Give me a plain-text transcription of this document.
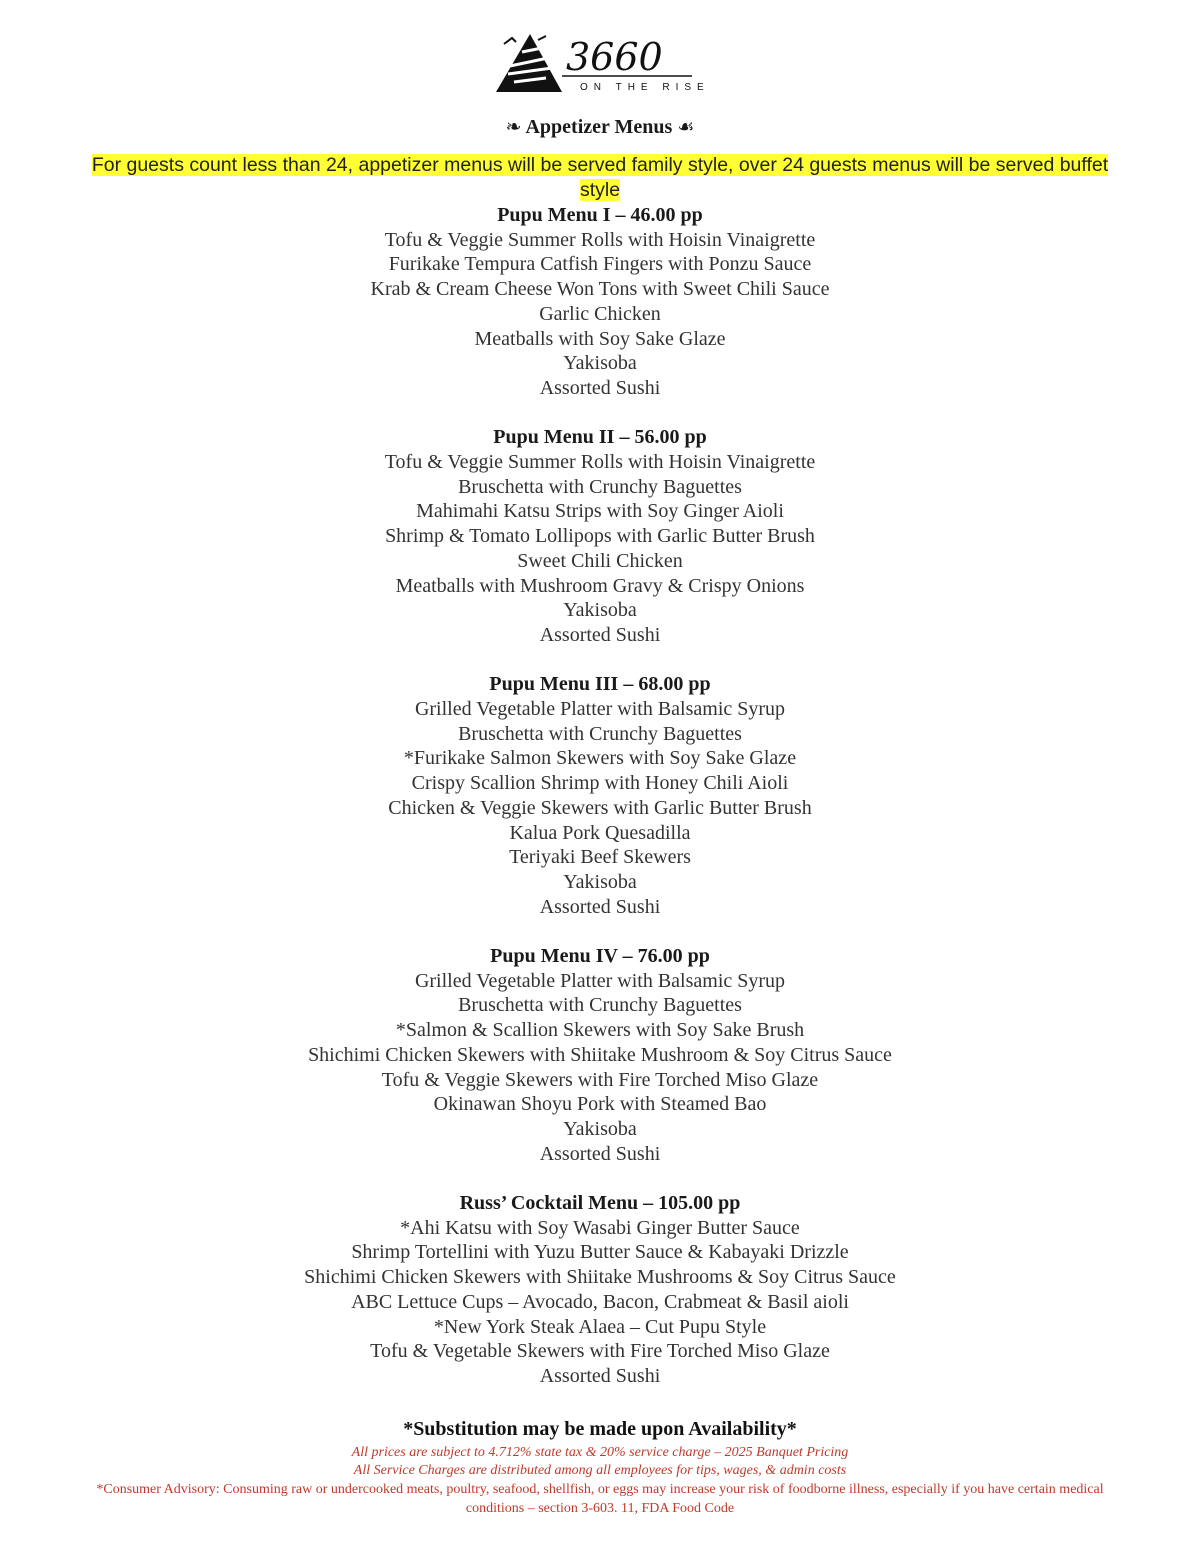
3660
ON THE RISE
❧ Appetizer Menus ☙
For guests count less than 24, appetizer menus will be served family style, over 24 guests menus will be served buffet style
Pupu Menu I – 46.00 pp
Tofu & Veggie Summer Rolls with Hoisin Vinaigrette
Furikake Tempura Catfish Fingers with Ponzu Sauce
Krab & Cream Cheese Won Tons with Sweet Chili Sauce
Garlic Chicken
Meatballs with Soy Sake Glaze
Yakisoba
Assorted Sushi
Pupu Menu II – 56.00 pp
Tofu & Veggie Summer Rolls with Hoisin Vinaigrette
Bruschetta with Crunchy Baguettes
Mahimahi Katsu Strips with Soy Ginger Aioli
Shrimp & Tomato Lollipops with Garlic Butter Brush
Sweet Chili Chicken
Meatballs with Mushroom Gravy & Crispy Onions
Yakisoba
Assorted Sushi
Pupu Menu III – 68.00 pp
Grilled Vegetable Platter with Balsamic Syrup
Bruschetta with Crunchy Baguettes
*Furikake Salmon Skewers with Soy Sake Glaze
Crispy Scallion Shrimp with Honey Chili Aioli
Chicken & Veggie Skewers with Garlic Butter Brush
Kalua Pork Quesadilla
Teriyaki Beef Skewers
Yakisoba
Assorted Sushi
Pupu Menu IV – 76.00 pp
Grilled Vegetable Platter with Balsamic Syrup
Bruschetta with Crunchy Baguettes
*Salmon & Scallion Skewers with Soy Sake Brush
Shichimi Chicken Skewers with Shiitake Mushroom & Soy Citrus Sauce
Tofu & Veggie Skewers with Fire Torched Miso Glaze
Okinawan Shoyu Pork with Steamed Bao
Yakisoba
Assorted Sushi
Russ’ Cocktail Menu – 105.00 pp
*Ahi Katsu with Soy Wasabi Ginger Butter Sauce
Shrimp Tortellini with Yuzu Butter Sauce & Kabayaki Drizzle
Shichimi Chicken Skewers with Shiitake Mushrooms & Soy Citrus Sauce
ABC Lettuce Cups – Avocado, Bacon, Crabmeat & Basil aioli
*New York Steak Alaea – Cut Pupu Style
Tofu & Vegetable Skewers with Fire Torched Miso Glaze
Assorted Sushi
*Substitution may be made upon Availability*
All prices are subject to 4.712% state tax & 20% service charge – 2025 Banquet Pricing
All Service Charges are distributed among all employees for tips, wages, & admin costs
*Consumer Advisory: Consuming raw or undercooked meats, poultry, seafood, shellfish, or eggs may increase your risk of foodborne illness, especially if you have certain medical conditions – section 3-603. 11, FDA Food Code
